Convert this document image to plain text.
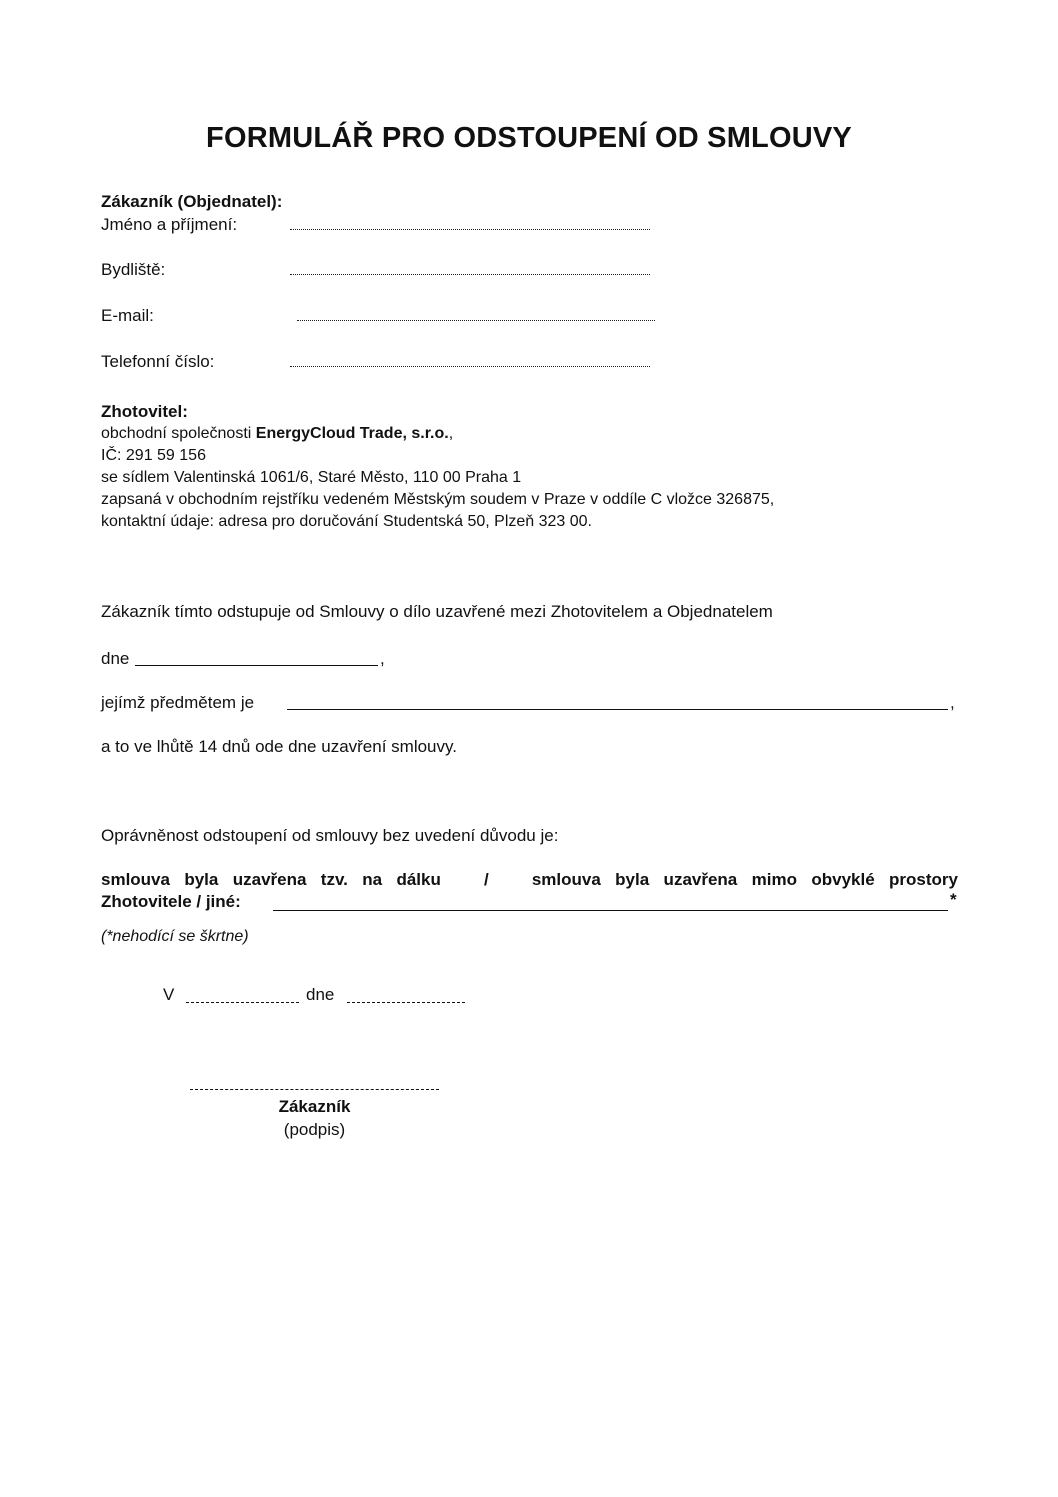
FORMULÁŘ PRO ODSTOUPENÍ OD SMLOUVY
Zákazník (Objednatel):
Jméno a příjmení:
Bydliště:
E-mail:
Telefonní číslo:
Zhotovitel:
obchodní společnosti EnergyCloud Trade, s.r.o.,
IČ: 291 59 156
se sídlem Valentinská 1061/6, Staré Město, 110 00 Praha 1
zapsaná v obchodním rejstříku vedeném Městským soudem v Praze v oddíle C vložce 326875,
kontaktní údaje: adresa pro doručování Studentská 50, Plzeň 323 00.
Zákazník tímto odstupuje od Smlouvy o dílo uzavřené mezi Zhotovitelem a Objednatelem
dne	,
jejímž předmětem je	,
a to ve lhůtě 14 dnů ode dne uzavření smlouvy.
Oprávněnost odstoupení od smlouvy bez uvedení důvodu je:
smlouva byla uzavřena tzv. na dálku   /   smlouva byla uzavřena mimo obvyklé prostory
Zhotovitele / jiné:	*
(*nehodící se škrtne)
V	dne
Zákazník
(podpis)
